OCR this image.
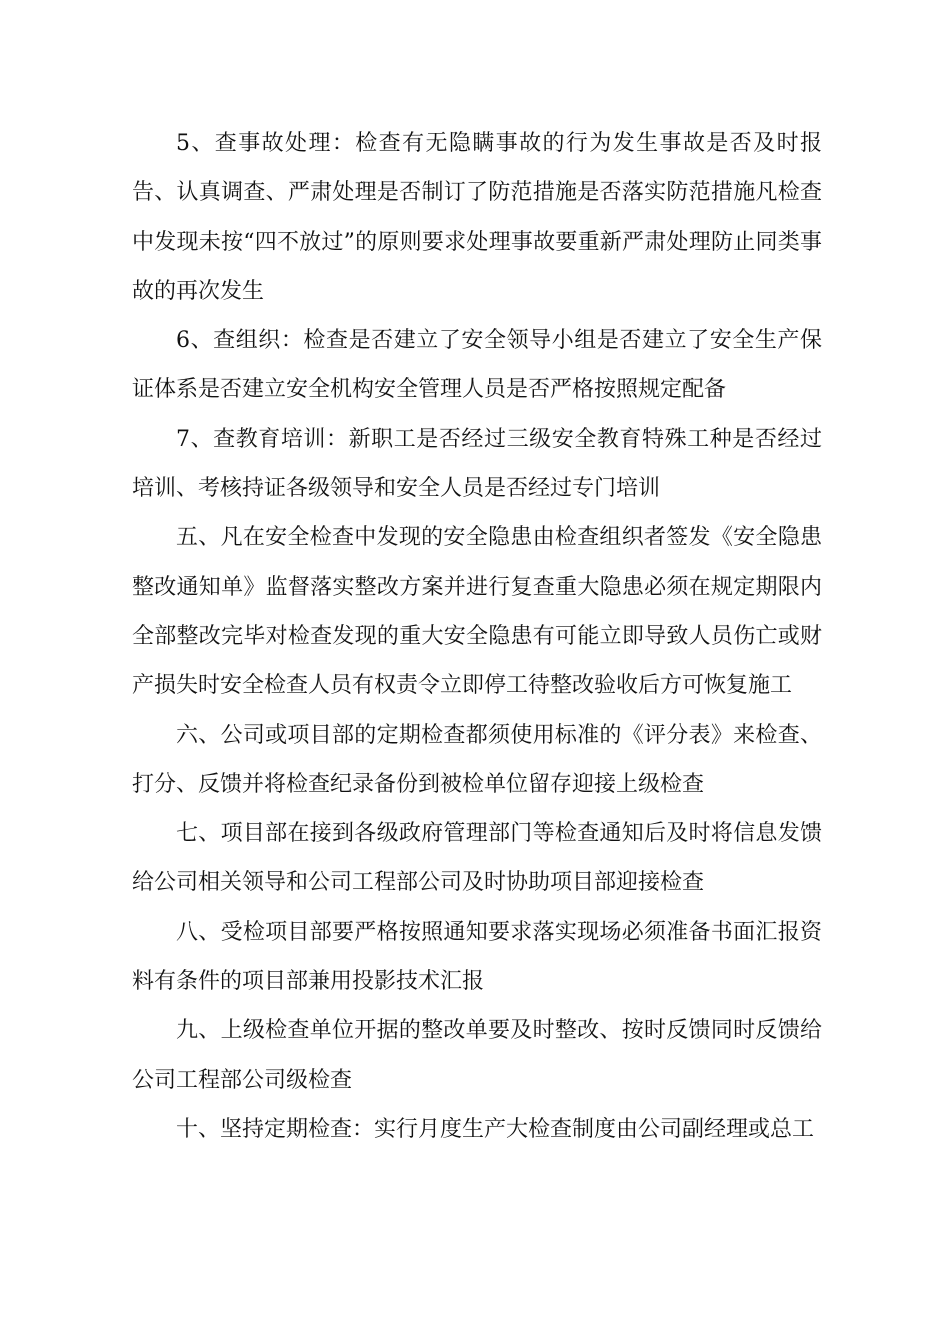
5、查事故处理：检查有无隐瞒事故的行为发生事故是否及时报告、认真调查、严肃处理是否制订了防范措施是否落实防范措施凡检查中发现未按“四不放过”的原则要求处理事故要重新严肃处理防止同类事故的再次发生

6、查组织：检查是否建立了安全领导小组是否建立了安全生产保证体系是否建立安全机构安全管理人员是否严格按照规定配备

7、查教育培训：新职工是否经过三级安全教育特殊工种是否经过培训、考核持证各级领导和安全人员是否经过专门培训

五、凡在安全检查中发现的安全隐患由检查组织者签发《安全隐患整改通知单》监督落实整改方案并进行复查重大隐患必须在规定期限内全部整改完毕对检查发现的重大安全隐患有可能立即导致人员伤亡或财产损失时安全检查人员有权责令立即停工待整改验收后方可恢复施工

六、公司或项目部的定期检查都须使用标准的《评分表》来检查、打分、反馈并将检查纪录备份到被检单位留存迎接上级检查

七、项目部在接到各级政府管理部门等检查通知后及时将信息发馈给公司相关领导和公司工程部公司及时协助项目部迎接检查

八、受检项目部要严格按照通知要求落实现场必须准备书面汇报资料有条件的项目部兼用投影技术汇报

九、上级检查单位开据的整改单要及时整改、按时反馈同时反馈给公司工程部公司级检查

十、坚持定期检查：实行月度生产大检查制度由公司副经理或总工
